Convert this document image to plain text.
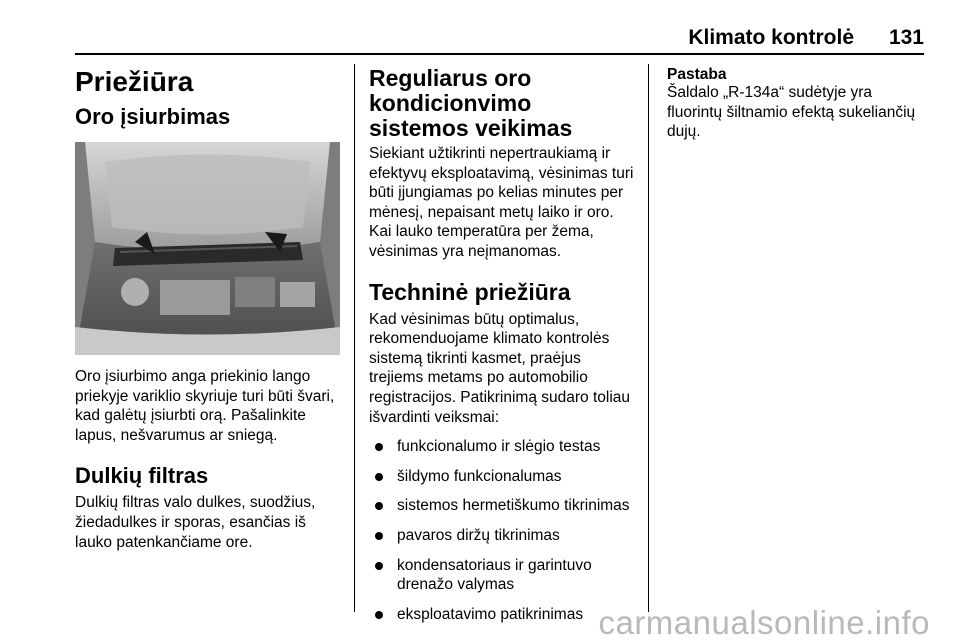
Klimato kontrolė 131
Priežiūra
Oro įsiurbimas

Oro įsiurbimo anga priekinio lango priekyje variklio skyriuje turi būti švari, kad galėtų įsiurbti orą. Pašalinkite lapus, nešvarumus ar sniegą.

Dulkių filtras

Dulkių filtras valo dulkes, suodžius, žiedadulkes ir sporas, esančias iš lauko patenkančiame ore.

Reguliarus oro kondicionvimo sistemos veikimas

Siekiant užtikrinti nepertraukiamą ir efektyvų eksploatavimą, vėsinimas turi būti įjungiamas po kelias minutes per mėnesį, nepaisant metų laiko ir oro. Kai lauko temperatūra per žema, vėsinimas yra neįmanomas.

Techninė priežiūra

Kad vėsinimas būtų optimalus, rekomenduojame klimato kontrolės sistemą tikrinti kasmet, praėjus trejiems metams po automobilio registracijos. Patikrinimą sudaro toliau išvardinti veiksmai:

funkcionalumo ir slėgio testas
šildymo funkcionalumas
sistemos hermetiškumo tikrinimas
pavaros diržų tikrinimas
kondensatoriaus ir garintuvo drenažo valymas
eksploatavimo patikrinimas
Pastaba

Šaldalo „R-134a“ sudėtyje yra fluorintų šiltnamio efektą sukeliančių dujų.

carmanualsonline.info
